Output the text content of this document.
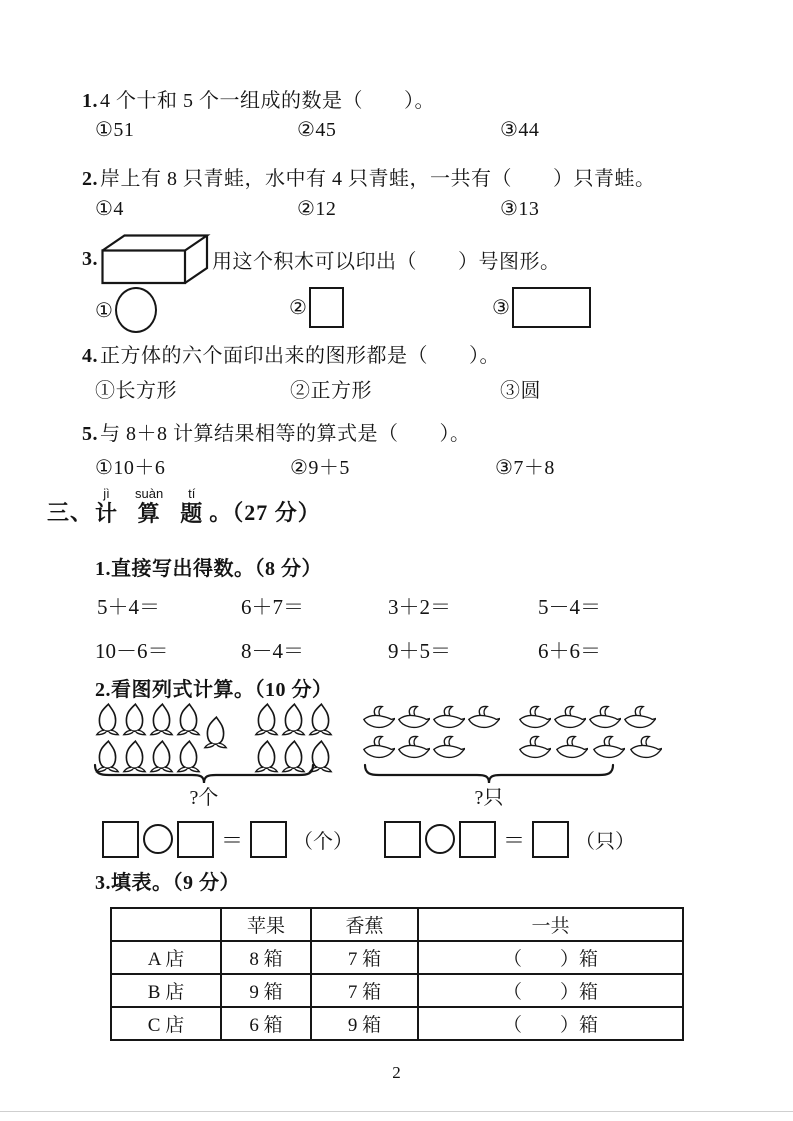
1. 4 个十和 5 个一组成的数是（　　）。
①51	②45	③44
2. 岸上有 8 只青蛙，水中有 4 只青蛙，一共有（　　）只青蛙。
①4	②12	③13
3.	用这个积木可以印出（　　）号图形。
①	②	③
4. 正方体的六个面印出来的图形都是（　　）。
①长方形	②正方形	③圆
5. 与 8＋8 计算结果相等的算式是（　　）。
①10＋6	②9＋5	③7＋8
三、
jì
计
suàn
算
tí
题 。（27 分）
1.直接写出得数。（8 分）
5＋4＝	6＋7＝	3＋2＝	5－4＝
10－6＝	8－4＝	9＋5＝	6＋6＝
2.看图列式计算。（10 分）
?个	?只
＝	（个）	＝	（只）
3.填表。（9 分）
	苹果	香蕉	一共
A 店	8 箱	7 箱	（　　）箱
B 店	9 箱	7 箱	（　　）箱
C 店	6 箱	9 箱	（　　）箱
2
